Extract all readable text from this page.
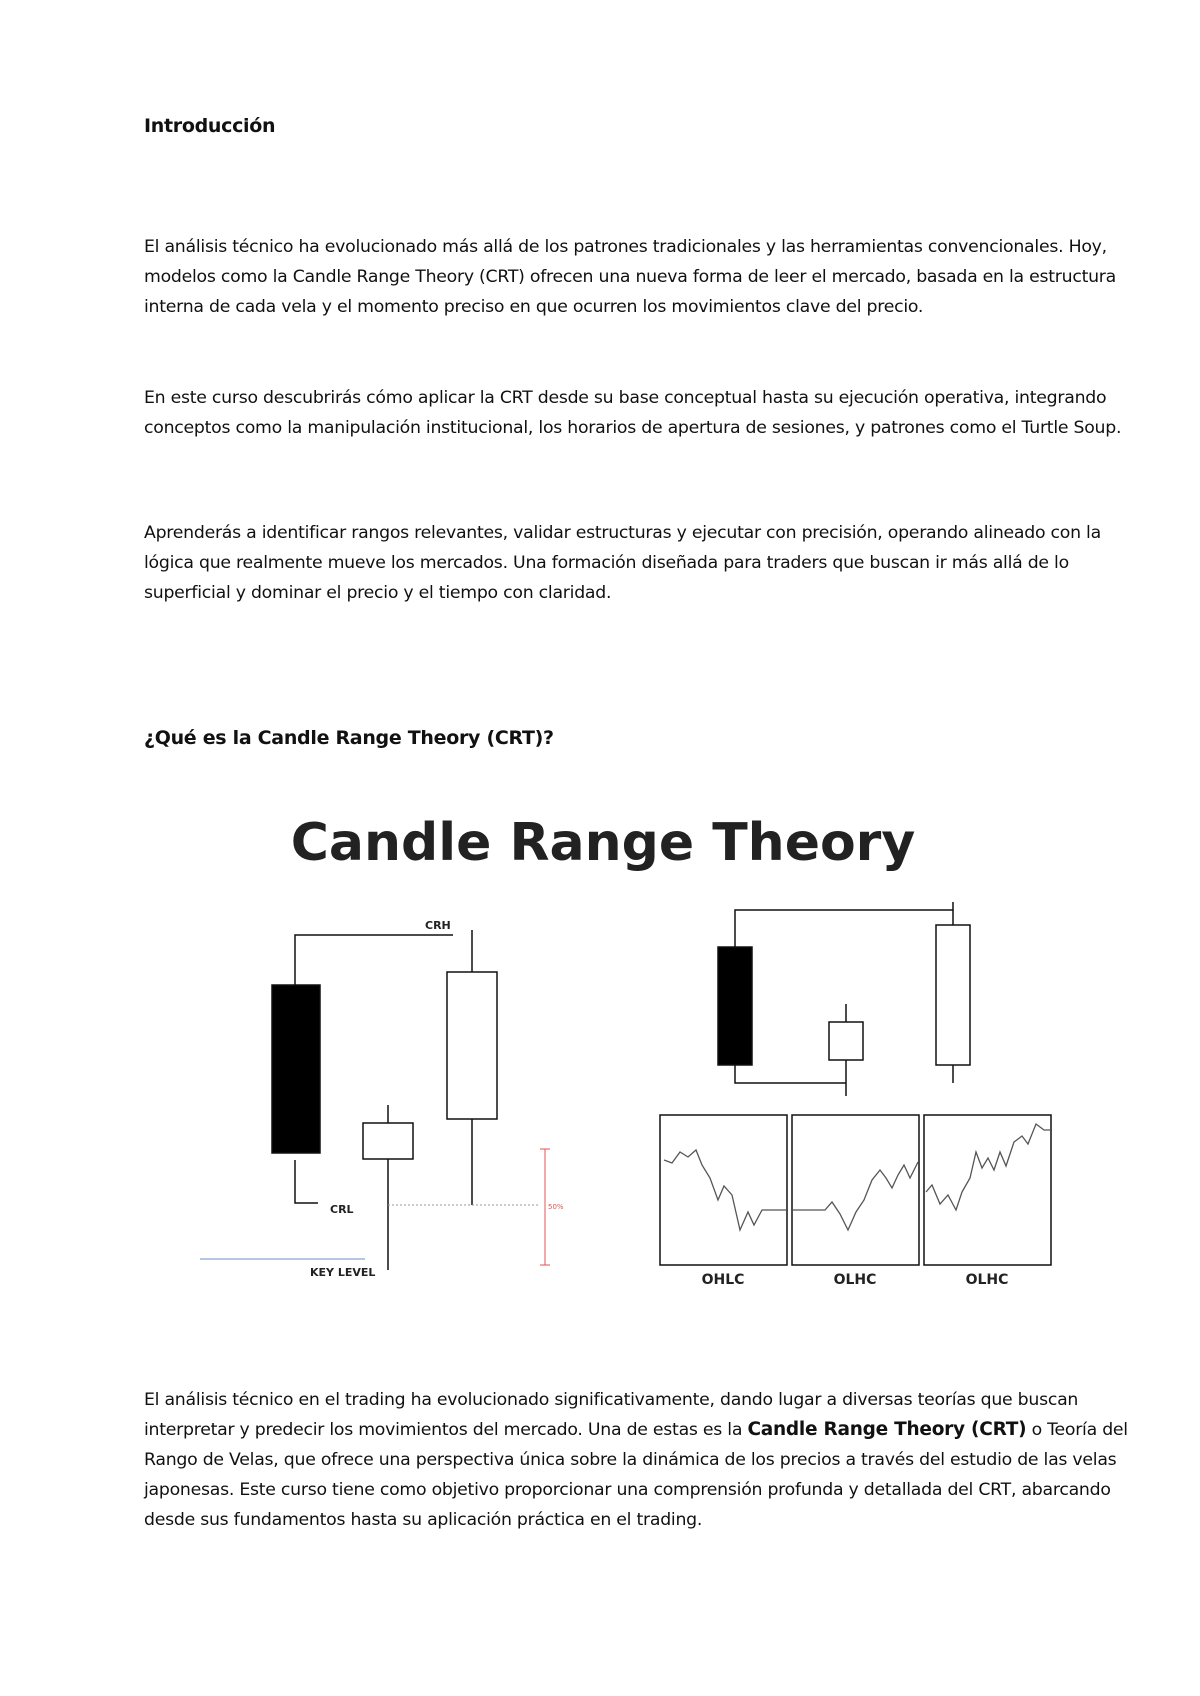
Introducción

El análisis técnico ha evolucionado más allá de los patrones tradicionales y las herramientas convencionales. Hoy, modelos como la Candle Range Theory (CRT) ofrecen una nueva forma de leer el mercado, basada en la estructura interna de cada vela y el momento preciso en que ocurren los movimientos clave del precio.

En este curso descubrirás cómo aplicar la CRT desde su base conceptual hasta su ejecución operativa, integrando conceptos como la manipulación institucional, los horarios de apertura de sesiones, y patrones como el Turtle Soup.

Aprenderás a identificar rangos relevantes, validar estructuras y ejecutar con precisión, operando alineado con la lógica que realmente mueve los mercados. Una formación diseñada para traders que buscan ir más allá de lo superficial y dominar el precio y el tiempo con claridad.

¿Qué es la Candle Range Theory (CRT)?
Candle Range Theory
50%
CRH
CRL
KEY LEVEL	OHLC	OLHC	OLHC

El análisis técnico en el trading ha evolucionado significativamente, dando lugar a diversas teorías que buscan interpretar y predecir los movimientos del mercado. Una de estas es la Candle Range Theory (CRT) o Teoría del Rango de Velas, que ofrece una perspectiva única sobre la dinámica de los precios a través del estudio de las velas japonesas. Este curso tiene como objetivo proporcionar una comprensión profunda y detallada del CRT, abarcando desde sus fundamentos hasta su aplicación práctica en el trading.
